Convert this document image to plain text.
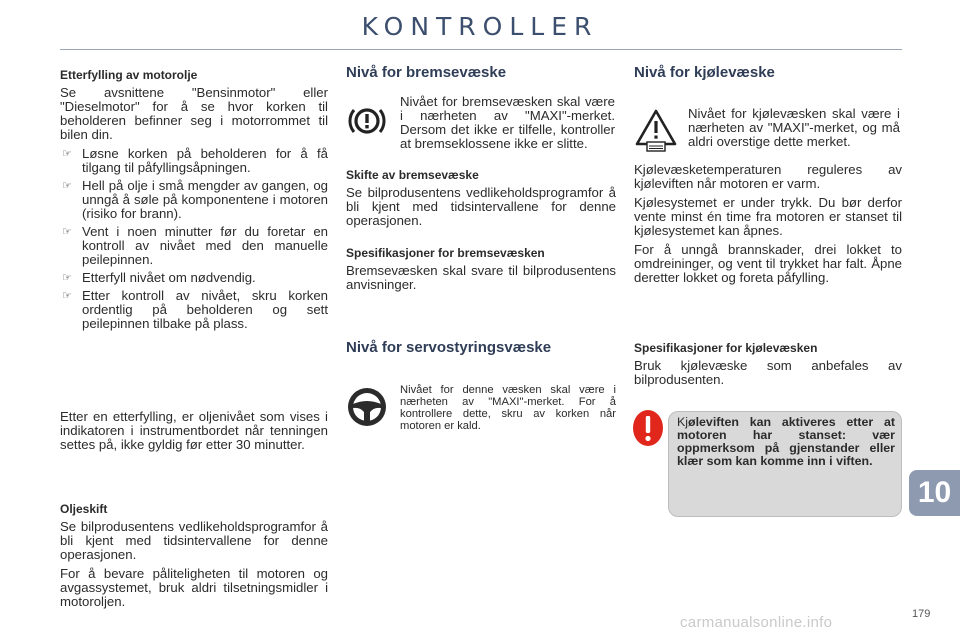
KONTROLLER
Etterfylling av motorolje

Se avsnittene "Bensinmotor" eller "Dieselmotor" for å se hvor korken til beholderen befinner seg i motorrommet til bilen din.

☞ Løsne korken på beholderen for å få tilgang til påfyllingsåpningen.
☞ Hell på olje i små mengder av gangen, og unngå å søle på komponentene i motoren (risiko for brann).
☞ Vent i noen minutter før du foretar en kontroll av nivået med den manuelle peilepinnen.
☞ Etterfyll nivået om nødvendig.
☞ Etter kontroll av nivået, skru korken ordentlig på beholderen og sett peilepinnen tilbake på plass.

Etter en etterfylling, er oljenivået som vises i indikatoren i instrumentbordet når tenningen settes på, ikke gyldig før etter 30 minutter.

Oljeskift

Se bilprodusentens vedlikeholdsprogramfor å bli kjent med tidsintervallene for denne operasjonen.

For å bevare påliteligheten til motoren og avgassystemet, bruk aldri tilsetningsmidler i motoroljen.

Nivå for bremsevæske

Nivået for bremsevæsken skal være i nærheten av "MAXI"-merket. Dersom det ikke er tilfelle, kontroller at bremseklossene ikke er slitte.

Skifte av bremsevæske

Se bilprodusentens vedlikeholdsprogramfor å bli kjent med tidsintervallene for denne operasjonen.

Spesifikasjoner for bremsevæsken

Bremsevæsken skal svare til bilprodusentens anvisninger.

Nivå for servostyringsvæske

Nivået for denne væsken skal være i nærheten av "MAXI"-merket. For å kontrollere dette, skru av korken når motoren er kald.

Nivå for kjølevæske

Nivået for kjølevæsken skal være i nærheten av "MAXI"-merket, og må aldri overstige dette merket.

Kjølevæsketemperaturen reguleres av kjøleviften når motoren er varm.

Kjølesystemet er under trykk. Du bør derfor vente minst én time fra motoren er stanset til kjølesystemet kan åpnes.

For å unngå brannskader, drei lokket to omdreininger, og vent til trykket har falt. Åpne deretter lokket og foreta påfylling.

Spesifikasjoner for kjølevæsken

Bruk kjølevæske som anbefales av bilprodusenten.

Kjøleviften kan aktiveres etter at motoren har stanset: vær oppmerksom på gjenstander eller klær som kan komme inn i viften.
10
carmanualsonline.info	179
